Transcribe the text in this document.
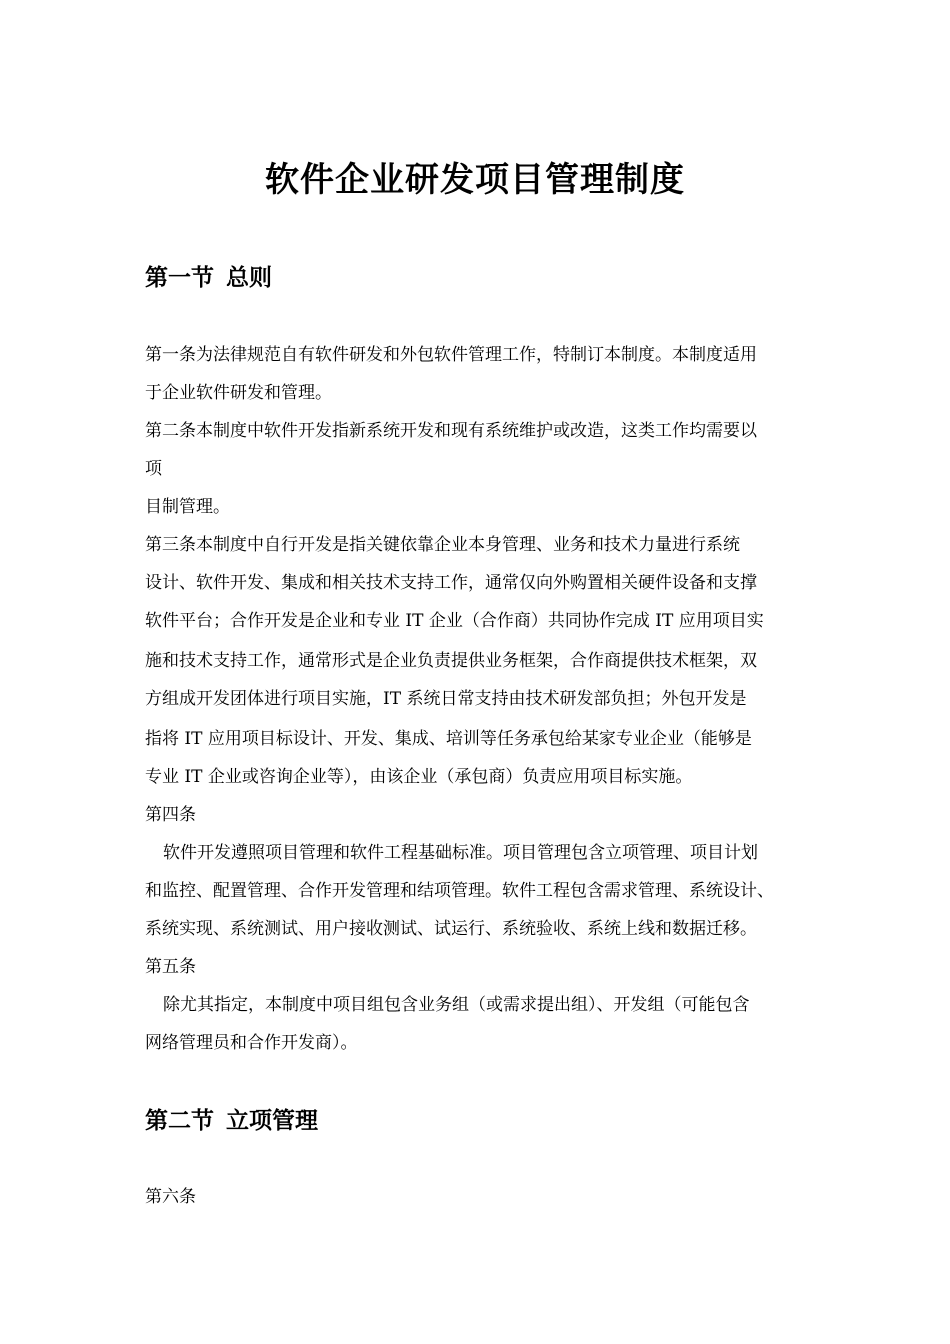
软件企业研发项目管理制度
第一节 总则
第一条为法律规范自有软件研发和外包软件管理工作，特制订本制度。本制度适用
于企业软件研发和管理。
第二条本制度中软件开发指新系统开发和现有系统维护或改造，这类工作均需要以
项
目制管理。
第三条本制度中自行开发是指关键依靠企业本身管理、业务和技术力量进行系统
设计、软件开发、集成和相关技术支持工作，通常仅向外购置相关硬件设备和支撑
软件平台；合作开发是企业和专业 IT 企业（合作商）共同协作完成 IT 应用项目实
施和技术支持工作，通常形式是企业负责提供业务框架，合作商提供技术框架，双
方组成开发团体进行项目实施，IT 系统日常支持由技术研发部负担；外包开发是
指将 IT 应用项目标设计、开发、集成、培训等任务承包给某家专业企业（能够是
专业 IT 企业或咨询企业等），由该企业（承包商）负责应用项目标实施。
第四条
软件开发遵照项目管理和软件工程基础标准。项目管理包含立项管理、项目计划
和监控、配置管理、合作开发管理和结项管理。软件工程包含需求管理、系统设计、
系统实现、系统测试、用户接收测试、试运行、系统验收、系统上线和数据迁移。
第五条
除尤其指定，本制度中项目组包含业务组（或需求提出组）、开发组（可能包含
网络管理员和合作开发商）。
第二节 立项管理
第六条
